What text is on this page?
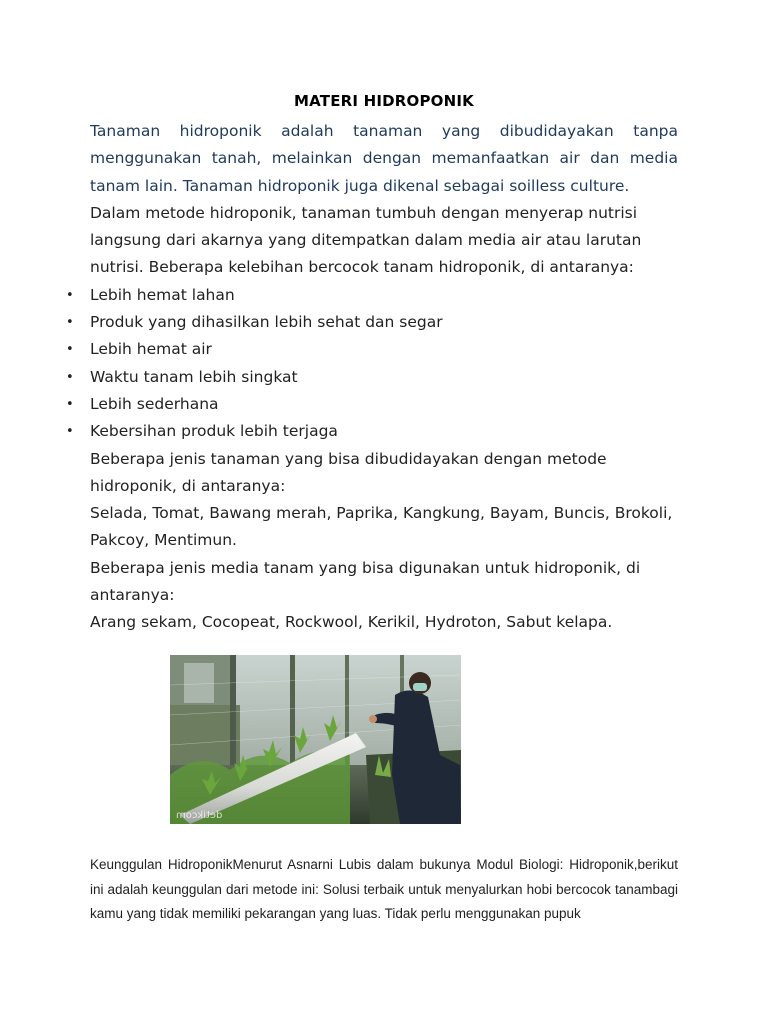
MATERI HIDROPONIK

Tanaman hidroponik adalah tanaman yang dibudidayakan tanpa menggunakan tanah, melainkan dengan memanfaatkan air dan media tanam lain. Tanaman hidroponik juga dikenal sebagai soilless culture.

Dalam metode hidroponik, tanaman tumbuh dengan menyerap nutrisi

langsung dari akarnya yang ditempatkan dalam media air atau larutan

nutrisi. Beberapa kelebihan bercocok tanam hidroponik, di antaranya:

• Lebih hemat lahan
• Produk yang dihasilkan lebih sehat dan segar
• Lebih hemat air
• Waktu tanam lebih singkat
• Lebih sederhana
• Kebersihan produk lebih terjaga

Beberapa jenis tanaman yang bisa dibudidayakan dengan metode

hidroponik, di antaranya:

Selada, Tomat, Bawang merah, Paprika, Kangkung, Bayam, Buncis, Brokoli,

Pakcoy, Mentimun.

Beberapa jenis media tanam yang bisa digunakan untuk hidroponik, di

antaranya:

Arang sekam, Cocopeat, Rockwool, Kerikil, Hydroton, Sabut kelapa.

detikcom

Keunggulan HidroponikMenurut Asnarni Lubis dalam bukunya Modul Biologi: Hidroponik,berikut ini adalah keunggulan dari metode ini: Solusi terbaik untuk menyalurkan hobi bercocok tanambagi kamu yang tidak memiliki pekarangan yang luas. Tidak perlu menggunakan pupuk
